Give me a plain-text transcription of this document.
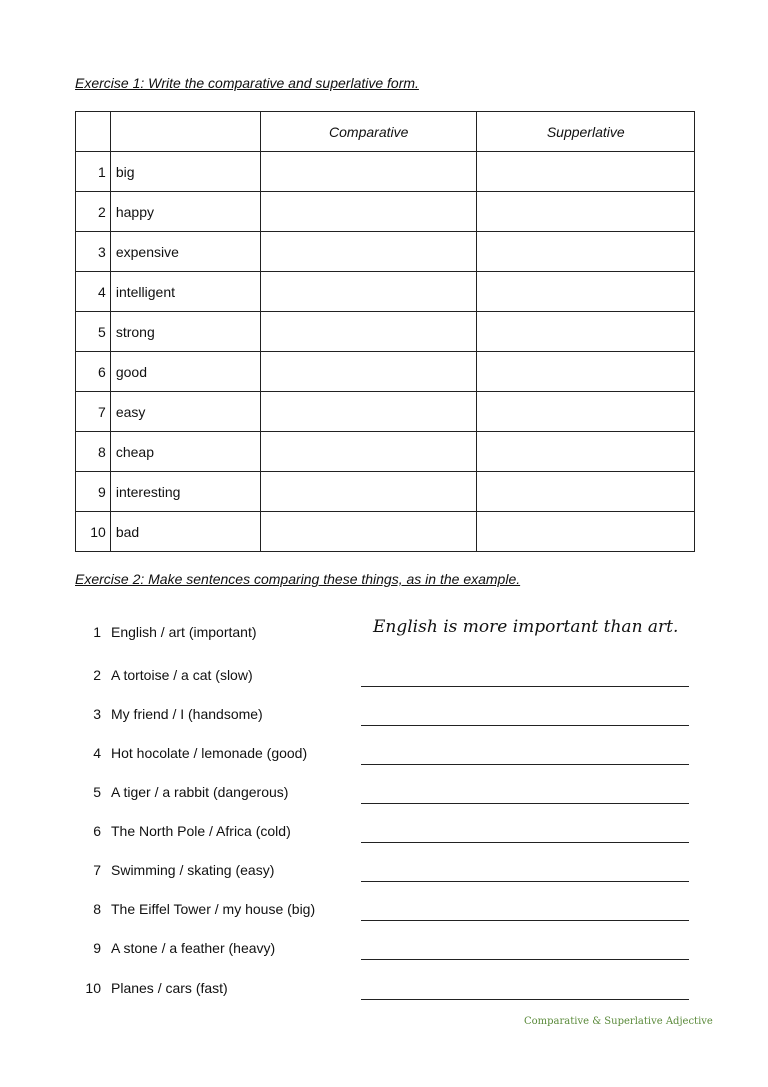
Exercise 1: Write the comparative and superlative form.
		Comparative	Supperlative
1	big		
2	happy		
3	expensive		
4	intelligent		
5	strong		
6	good		
7	easy		
8	cheap		
9	interesting		
10	bad		
Exercise 2: Make sentences comparing these things, as in the example.
1 English / art (important)	English is more important than art.
2 A tortoise / a cat (slow)
3 My friend / I (handsome)
4 Hot hocolate / lemonade (good)
5 A tiger / a rabbit (dangerous)
6 The North Pole / Africa (cold)
7 Swimming / skating (easy)
8 The Eiffel Tower / my house (big)
9 A stone / a feather (heavy)
10 Planes / cars (fast)
Comparative & Superlative Adjective
